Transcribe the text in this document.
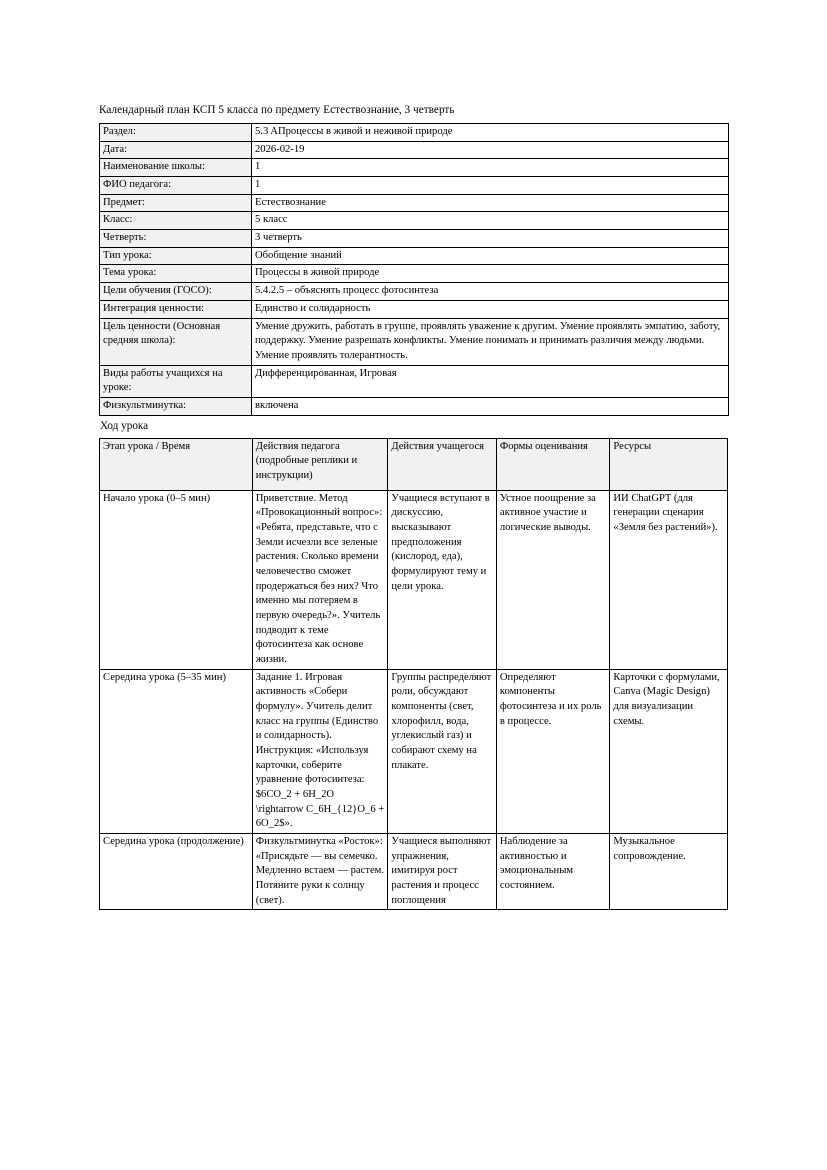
Календарный план КСП 5 класса по предмету Естествознание, 3 четверть
Раздел:	5.3 AПроцессы в живой и неживой природе
Дата:	2026-02-19
Наименование школы:	1
ФИО педагога:	1
Предмет:	Естествознание
Класс:	5 класс
Четверть:	3 четверть
Тип урока:	Обобщение знаний
Тема урока:	Процессы в живой природе
Цели обучения (ГОСО):	5.4.2.5 – объяснять процесс фотосинтеза
Интеграция ценности:	Единство и солидарность
Цель ценности (Основная средняя школа):	Умение дружить, работать в группе, проявлять уважение к другим. Умение проявлять эмпатию, заботу, поддержку. Умение разрешать конфликты. Умение понимать и принимать различия между людьми. Умение проявлять толерантность.
Виды работы учащихся на уроке:	Дифференцированная, Игровая
Физкультминутка:	включена
Ход урока
Этап урока / Время	Действия педагога (подробные реплики и инструкции)	Действия учащегося	Формы оценивания	Ресурсы
Начало урока (0–5 мин)	Приветствие. Метод «Провокационный вопрос»: «Ребята, представьте, что с Земли исчезли все зеленые растения. Сколько времени человечество сможет продержаться без них? Что именно мы потеряем в первую очередь?». Учитель подводит к теме фотосинтеза как основе жизни.	Учащиеся вступают в дискуссию, высказывают предположения (кислород, еда), формулируют тему и цели урока.	Устное поощрение за активное участие и логические выводы.	ИИ ChatGPT (для генерации сценария «Земля без растений»).
Середина урока (5–35 мин)	Задание 1. Игровая активность «Собери формулу». Учитель делит класс на группы (Единство и солидарность). Инструкция: «Используя карточки, соберите уравнение фотосинтеза: $6CO_2 + 6H_2O \rightarrow C_6H_{12}O_6 + 6O_2$».	Группы распределяют роли, обсуждают компоненты (свет, хлорофилл, вода, углекислый газ) и собирают схему на плакате.	Определяют компоненты фотосинтеза и их роль в процессе.	Карточки с формулами, Canva (Magic Design) для визуализации схемы.
Середина урока (продолжение)	Физкультминутка «Росток»: «Присядьте — вы семечко. Медленно встаем — растем. Потяните руки к солнцу (свет).	Учащиеся выполняют упражнения, имитируя рост растения и процесс поглощения	Наблюдение за активностью и эмоциональным состоянием.	Музыкальное сопровождение.
